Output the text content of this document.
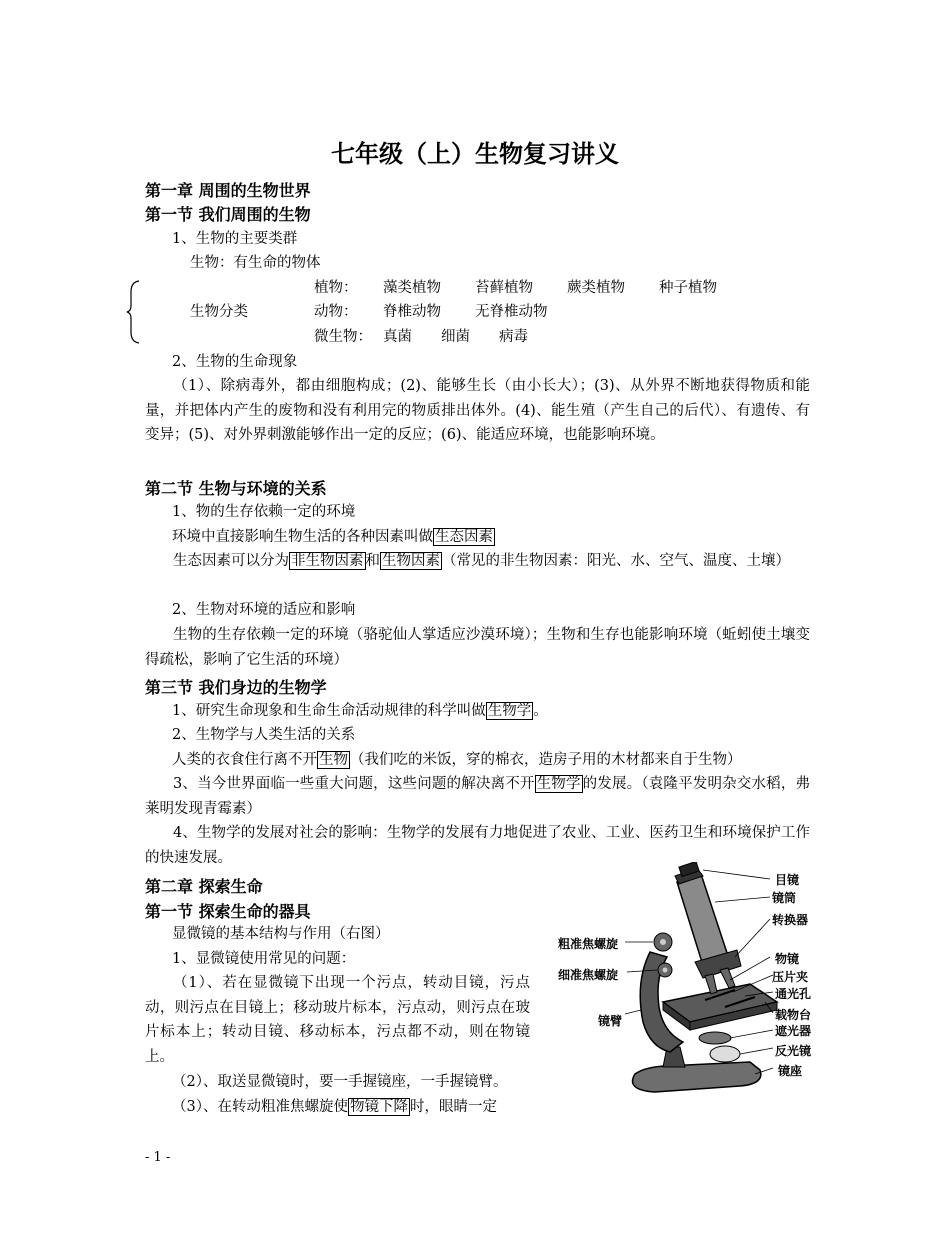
七年级（上）生物复习讲义
第一章 周围的生物世界
第一节 我们周围的生物
1、生物的主要类群
生物：有生命的物体
生物分类
植物： 藻类植物 苔藓植物 蕨类植物 种子植物
动物： 脊椎动物 无脊椎动物
微生物： 真菌 细菌 病毒
2、生物的生命现象
（1）、除病毒外，都由细胞构成；(2)、能够生长（由小长大）；(3)、从外界不断地获得物质和能量，并把体内产生的废物和没有利用完的物质排出体外。(4)、能生殖（产生自己的后代）、有遗传、有变异；(5)、对外界刺激能够作出一定的反应；(6)、能适应环境，也能影响环境。
第二节 生物与环境的关系
1、物的生存依赖一定的环境
环境中直接影响生物生活的各种因素叫做 生态因素
生态因素可以分为 非生物因素 和 生物因素 （常见的非生物因素：阳光、水、空气、温度、土壤）
2、生物对环境的适应和影响
生物的生存依赖一定的环境（骆驼仙人掌适应沙漠环境）；生物和生存也能影响环境（蚯蚓使土壤变得疏松，影响了它生活的环境）
第三节 我们身边的生物学
1、研究生命现象和生命生命活动规律的科学叫做 生物学 。
2、生物学与人类生活的关系
人类的衣食住行离不开 生物 （我们吃的米饭，穿的棉衣，造房子用的木材都来自于生物）
3、当今世界面临一些重大问题，这些问题的解决离不开 生物学 的发展。（袁隆平发明杂交水稻，弗莱明发现青霉素）
4、生物学的发展对社会的影响：生物学的发展有力地促进了农业、工业、医药卫生和环境保护工作的快速发展。
第二章 探索生命
第一节 探索生命的器具
显微镜的基本结构与作用（右图）
1、显微镜使用常见的问题：
（1）、若在显微镜下出现一个污点，转动目镜，污点动，则污点在目镜上；移动玻片标本，污点动，则污点在玻片标本上；转动目镜、移动标本，污点都不动，则在物镜上。
（2）、取送显微镜时，要一手握镜座，一手握镜臂。
（3）、在转动粗准焦螺旋使 物镜下降 时，眼睛一定
目镜
镜筒
转换器
粗准焦螺旋
细准焦螺旋
镜臂
物镜
压片夹
通光孔
载物台
遮光器
反光镜
镜座
- 1 -
